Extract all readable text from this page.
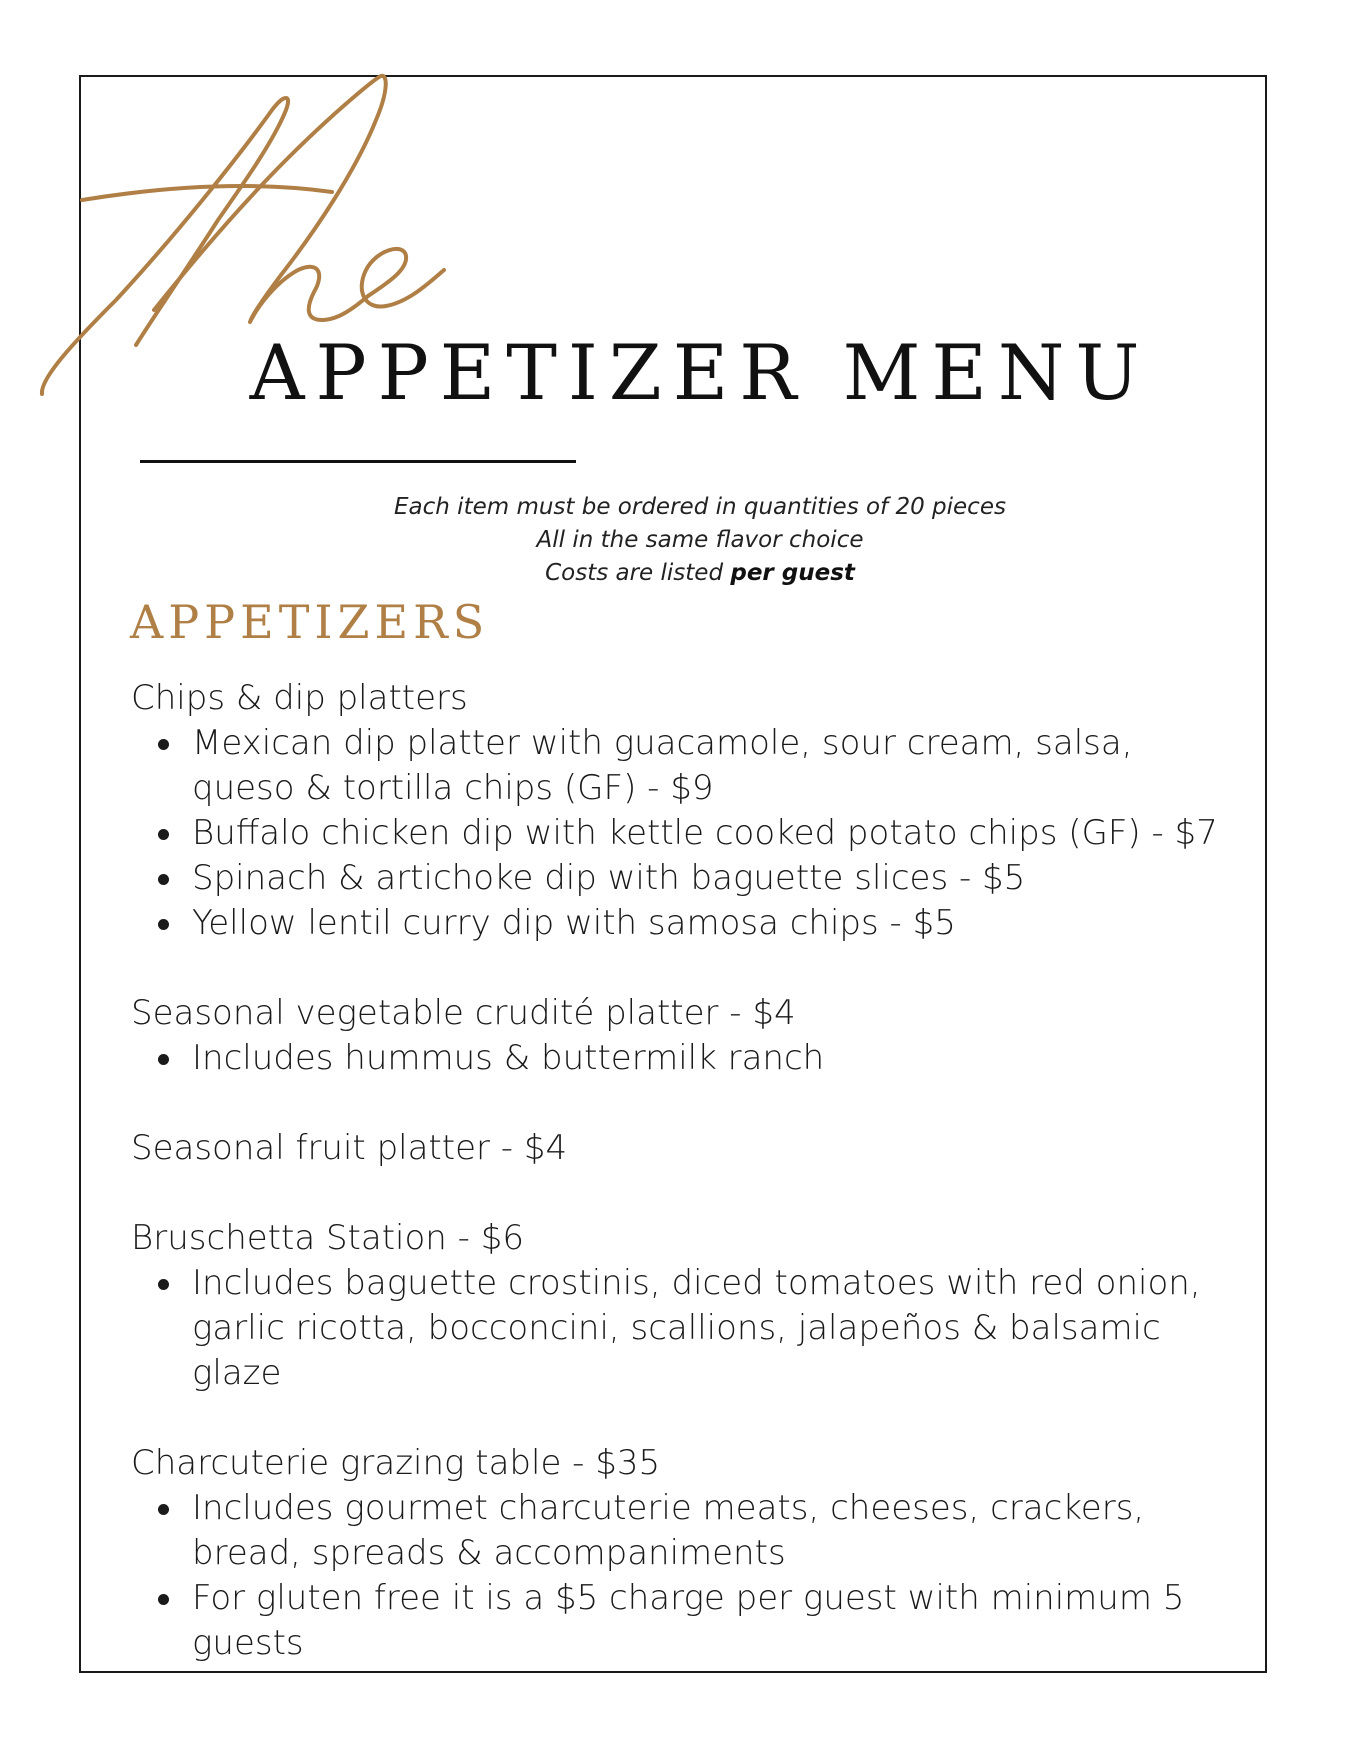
APPETIZER MENU
Each item must be ordered in quantities of 20 pieces
All in the same flavor choice
Costs are listed per guest
APPETIZERS
Chips & dip platters
Mexican dip platter with guacamole, sour cream, salsa, queso & tortilla chips (GF) - $9
Buffalo chicken dip with kettle cooked potato chips (GF) - $7
Spinach & artichoke dip with baguette slices - $5
Yellow lentil curry dip with samosa chips - $5
Seasonal vegetable crudité platter - $4
Includes hummus & buttermilk ranch
Seasonal fruit platter - $4
Bruschetta Station - $6
Includes baguette crostinis, diced tomatoes with red onion, garlic ricotta, bocconcini, scallions, jalapeños & balsamic glaze
Charcuterie grazing table - $35
Includes gourmet charcuterie meats, cheeses, crackers, bread, spreads & accompaniments
For gluten free it is a $5 charge per guest with minimum 5 guests
